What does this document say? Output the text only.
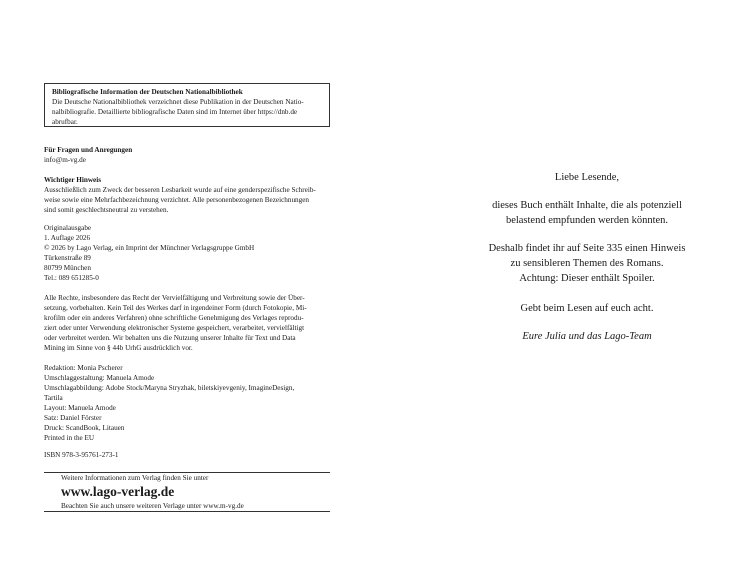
Bibliografische Information der Deutschen Nationalbibliothek
Die Deutsche Nationalbibliothek verzeichnet diese Publikation in der Deutschen Natio-
nalbibliografie. Detaillierte bibliografische Daten sind im Internet über https://dnb.de
abrufbar.
Für Fragen und Anregungen
info@m-vg.de
Wichtiger Hinweis
Ausschließlich zum Zweck der besseren Lesbarkeit wurde auf eine genderspezifische Schreib-
weise sowie eine Mehrfachbezeichnung verzichtet. Alle personenbezogenen Bezeichnungen
sind somit geschlechtsneutral zu verstehen.
Originalausgabe
1. Auflage 2026
© 2026 by Lago Verlag, ein Imprint der Münchner Verlagsgruppe GmbH
Türkenstraße 89
80799 München
Tel.: 089 651285-0
Alle Rechte, insbesondere das Recht der Vervielfältigung und Verbreitung sowie der Über-
setzung, vorbehalten. Kein Teil des Werkes darf in irgendeiner Form (durch Fotokopie, Mi-
krofilm oder ein anderes Verfahren) ohne schriftliche Genehmigung des Verlages reprodu-
ziert oder unter Verwendung elektronischer Systeme gespeichert, verarbeitet, vervielfältigt
oder verbreitet werden. Wir behalten uns die Nutzung unserer Inhalte für Text und Data
Mining im Sinne von § 44b UrhG ausdrücklich vor.
Redaktion: Monia Pscherer
Umschlaggestaltung: Manuela Amode
Umschlagabbildung: Adobe Stock/Maryna Stryzhak, biletskiyevgeniy, ImagineDesign,
Tartila
Layout: Manuela Amode
Satz: Daniel Förster
Druck: ScandBook, Litauen
Printed in the EU
ISBN 978-3-95761-273-1
Weitere Informationen zum Verlag finden Sie unter
www.lago-verlag.de
Beachten Sie auch unsere weiteren Verlage unter www.m-vg.de
Liebe Lesende,
dieses Buch enthält Inhalte, die als potenziell
belastend empfunden werden könnten.
Deshalb findet ihr auf Seite 335 einen Hinweis
zu sensibleren Themen des Romans.
Achtung: Dieser enthält Spoiler.
Gebt beim Lesen auf euch acht.
Eure Julia und das Lago-Team
